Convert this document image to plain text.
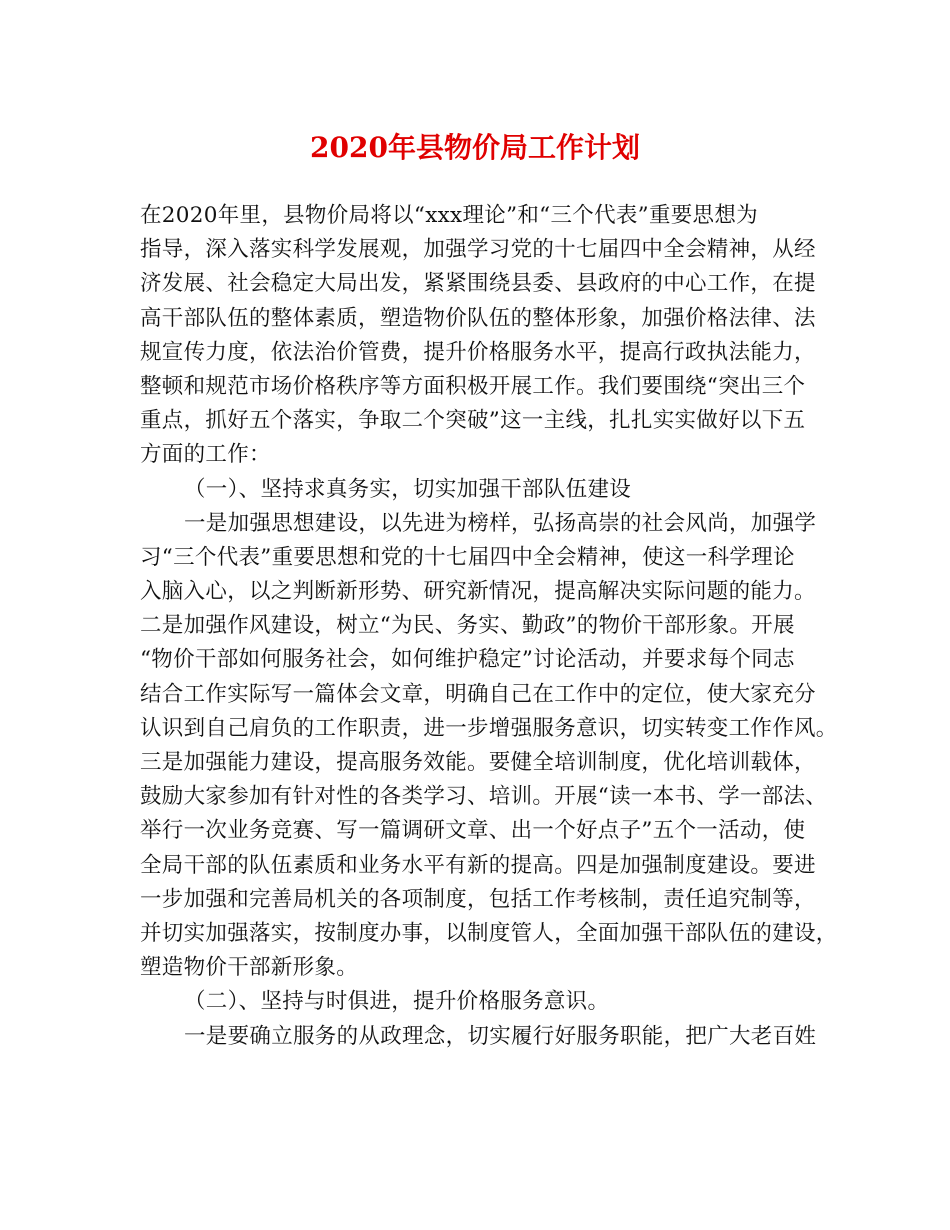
2020年县物价局工作计划
在2020年里，县物价局将以“xxx理论”和“三个代表”重要思想为
指导，深入落实科学发展观，加强学习党的十七届四中全会精神，从经
济发展、社会稳定大局出发，紧紧围绕县委、县政府的中心工作，在提
高干部队伍的整体素质，塑造物价队伍的整体形象，加强价格法律、法
规宣传力度，依法治价管费，提升价格服务水平，提高行政执法能力，
整顿和规范市场价格秩序等方面积极开展工作。我们要围绕“突出三个
重点，抓好五个落实，争取二个突破”这一主线，扎扎实实做好以下五
方面的工作：
（一）、坚持求真务实，切实加强干部队伍建设
一是加强思想建设，以先进为榜样，弘扬高崇的社会风尚，加强学
习“三个代表”重要思想和党的十七届四中全会精神，使这一科学理论
入脑入心，以之判断新形势、研究新情况，提高解决实际问题的能力。
二是加强作风建设，树立“为民、务实、勤政”的物价干部形象。开展
“物价干部如何服务社会，如何维护稳定”讨论活动，并要求每个同志
结合工作实际写一篇体会文章，明确自己在工作中的定位，使大家充分
认识到自己肩负的工作职责，进一步增强服务意识，切实转变工作作风。
三是加强能力建设，提高服务效能。要健全培训制度，优化培训载体，
鼓励大家参加有针对性的各类学习、培训。开展“读一本书、学一部法、
举行一次业务竞赛、写一篇调研文章、出一个好点子”五个一活动，使
全局干部的队伍素质和业务水平有新的提高。四是加强制度建设。要进
一步加强和完善局机关的各项制度，包括工作考核制，责任追究制等，
并切实加强落实，按制度办事，以制度管人，全面加强干部队伍的建设，
塑造物价干部新形象。
（二）、坚持与时俱进，提升价格服务意识。
一是要确立服务的从政理念，切实履行好服务职能，把广大老百姓
